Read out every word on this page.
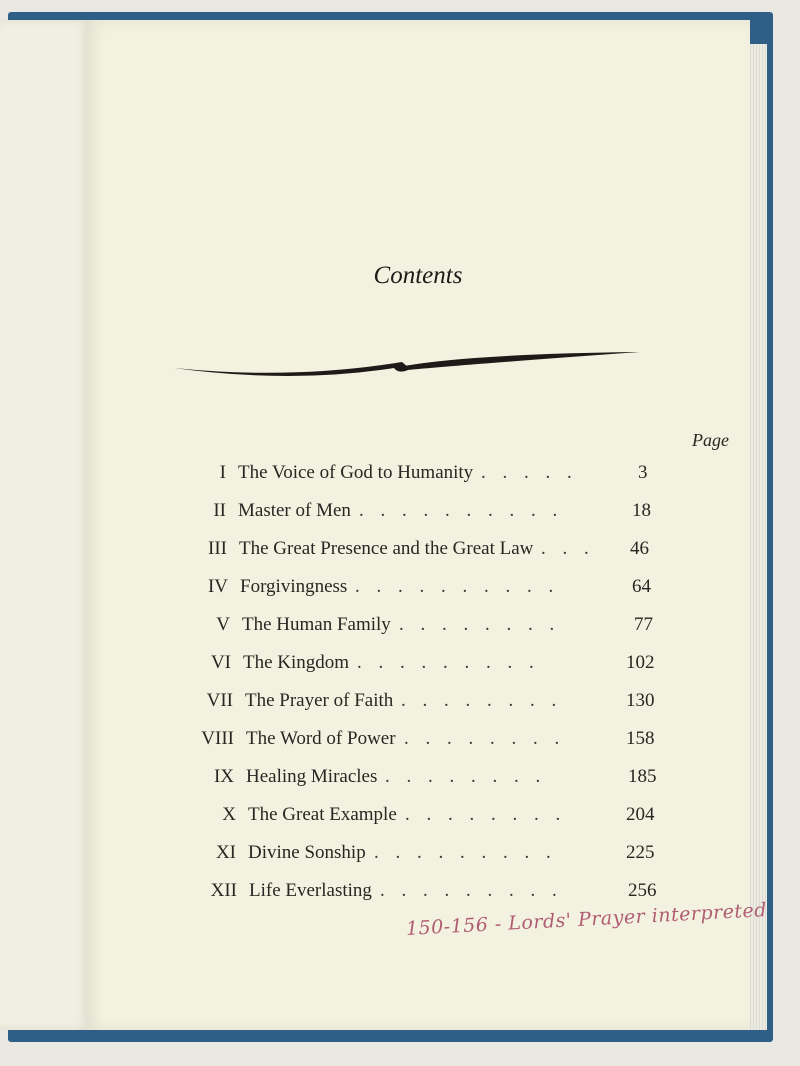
Contents
Page
I The Voice of God to Humanity	3
. . . . .
II Master of Men	18
. . . . . . . . . .
III The Great Presence and the Great Law	46
. . .
IV Forgivingness	64
. . . . . . . . . .
V The Human Family	77
. . . . . . . .
VI The Kingdom	102
. . . . . . . . .
VII The Prayer of Faith	130
. . . . . . . .
VIII The Word of Power	158
. . . . . . . .
IX Healing Miracles	185
. . . . . . . .
X The Great Example	204
. . . . . . . .
XI Divine Sonship	225
. . . . . . . . .
XII Life Everlasting	256
. . . . . . . . .
150-156 - Lords' Prayer interpreted
